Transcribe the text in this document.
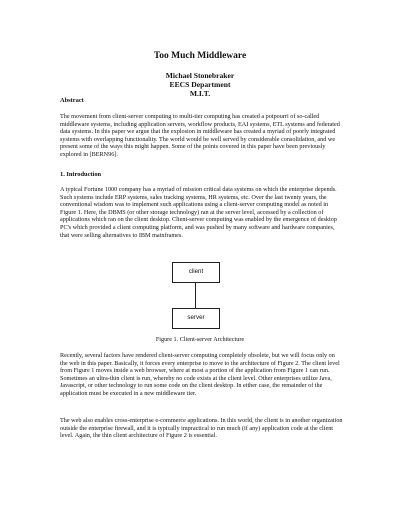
Too Much Middleware
Michael Stonebraker
EECS Department
M.I.T.
Abstract

The movement from client-server computing to multi-tier computing has created a potpourri of so-called middleware systems, including application servers, workflow products, EAI systems, ETL systems and federated data systems. In this paper we argue that the explosion in middleware has created a myriad of poorly integrated systems with overlapping functionality. The world would be well served by considerable consolidation, and we present some of the ways this might happen. Some of the points covered in this paper have been previously explored in [BERN96].

1. Introduction

A typical Fortune 1000 company has a myriad of mission critical data systems on which the enterprise depends. Such systems include ERP systems, sales tracking systems, HR systems, etc. Over the last twenty years, the conventional wisdom was to implement such applications using a client-server computing model as noted in Figure 1. Here, the DBMS (or other storage technology) ran at the server level, accessed by a collection of applications which ran on the client desktop. Client-server computing was enabled by the emergence of desktop PC's which provided a client computing platform, and was pushed by many software and hardware companies, that were selling alternatives to IBM mainframes.

client
server
Figure 1. Client-server Architecture

Recently, several factors have rendered client-server computing completely obsolete, but we will focus only on the web in this paper. Basically, it forces every enterprise to move to the architecture of Figure 2. The client level from Figure 1 moves inside a web browser, where at most a portion of the application from Figure 1 can run. Sometimes an ultra-thin client is run, whereby no code exists at the client level. Other enterprises utilize Java, Javascript, or other technology to run some code on the client desktop. In either case, the remainder of the application must be executed in a new middleware tier.

The web also enables cross-enterprise e-commerce applications. In this world, the client is in another organization outside the enterprise firewall, and it is typically impractical to run much (if any) application code at the client level. Again, the thin client architecture of Figure 2 is essential.
